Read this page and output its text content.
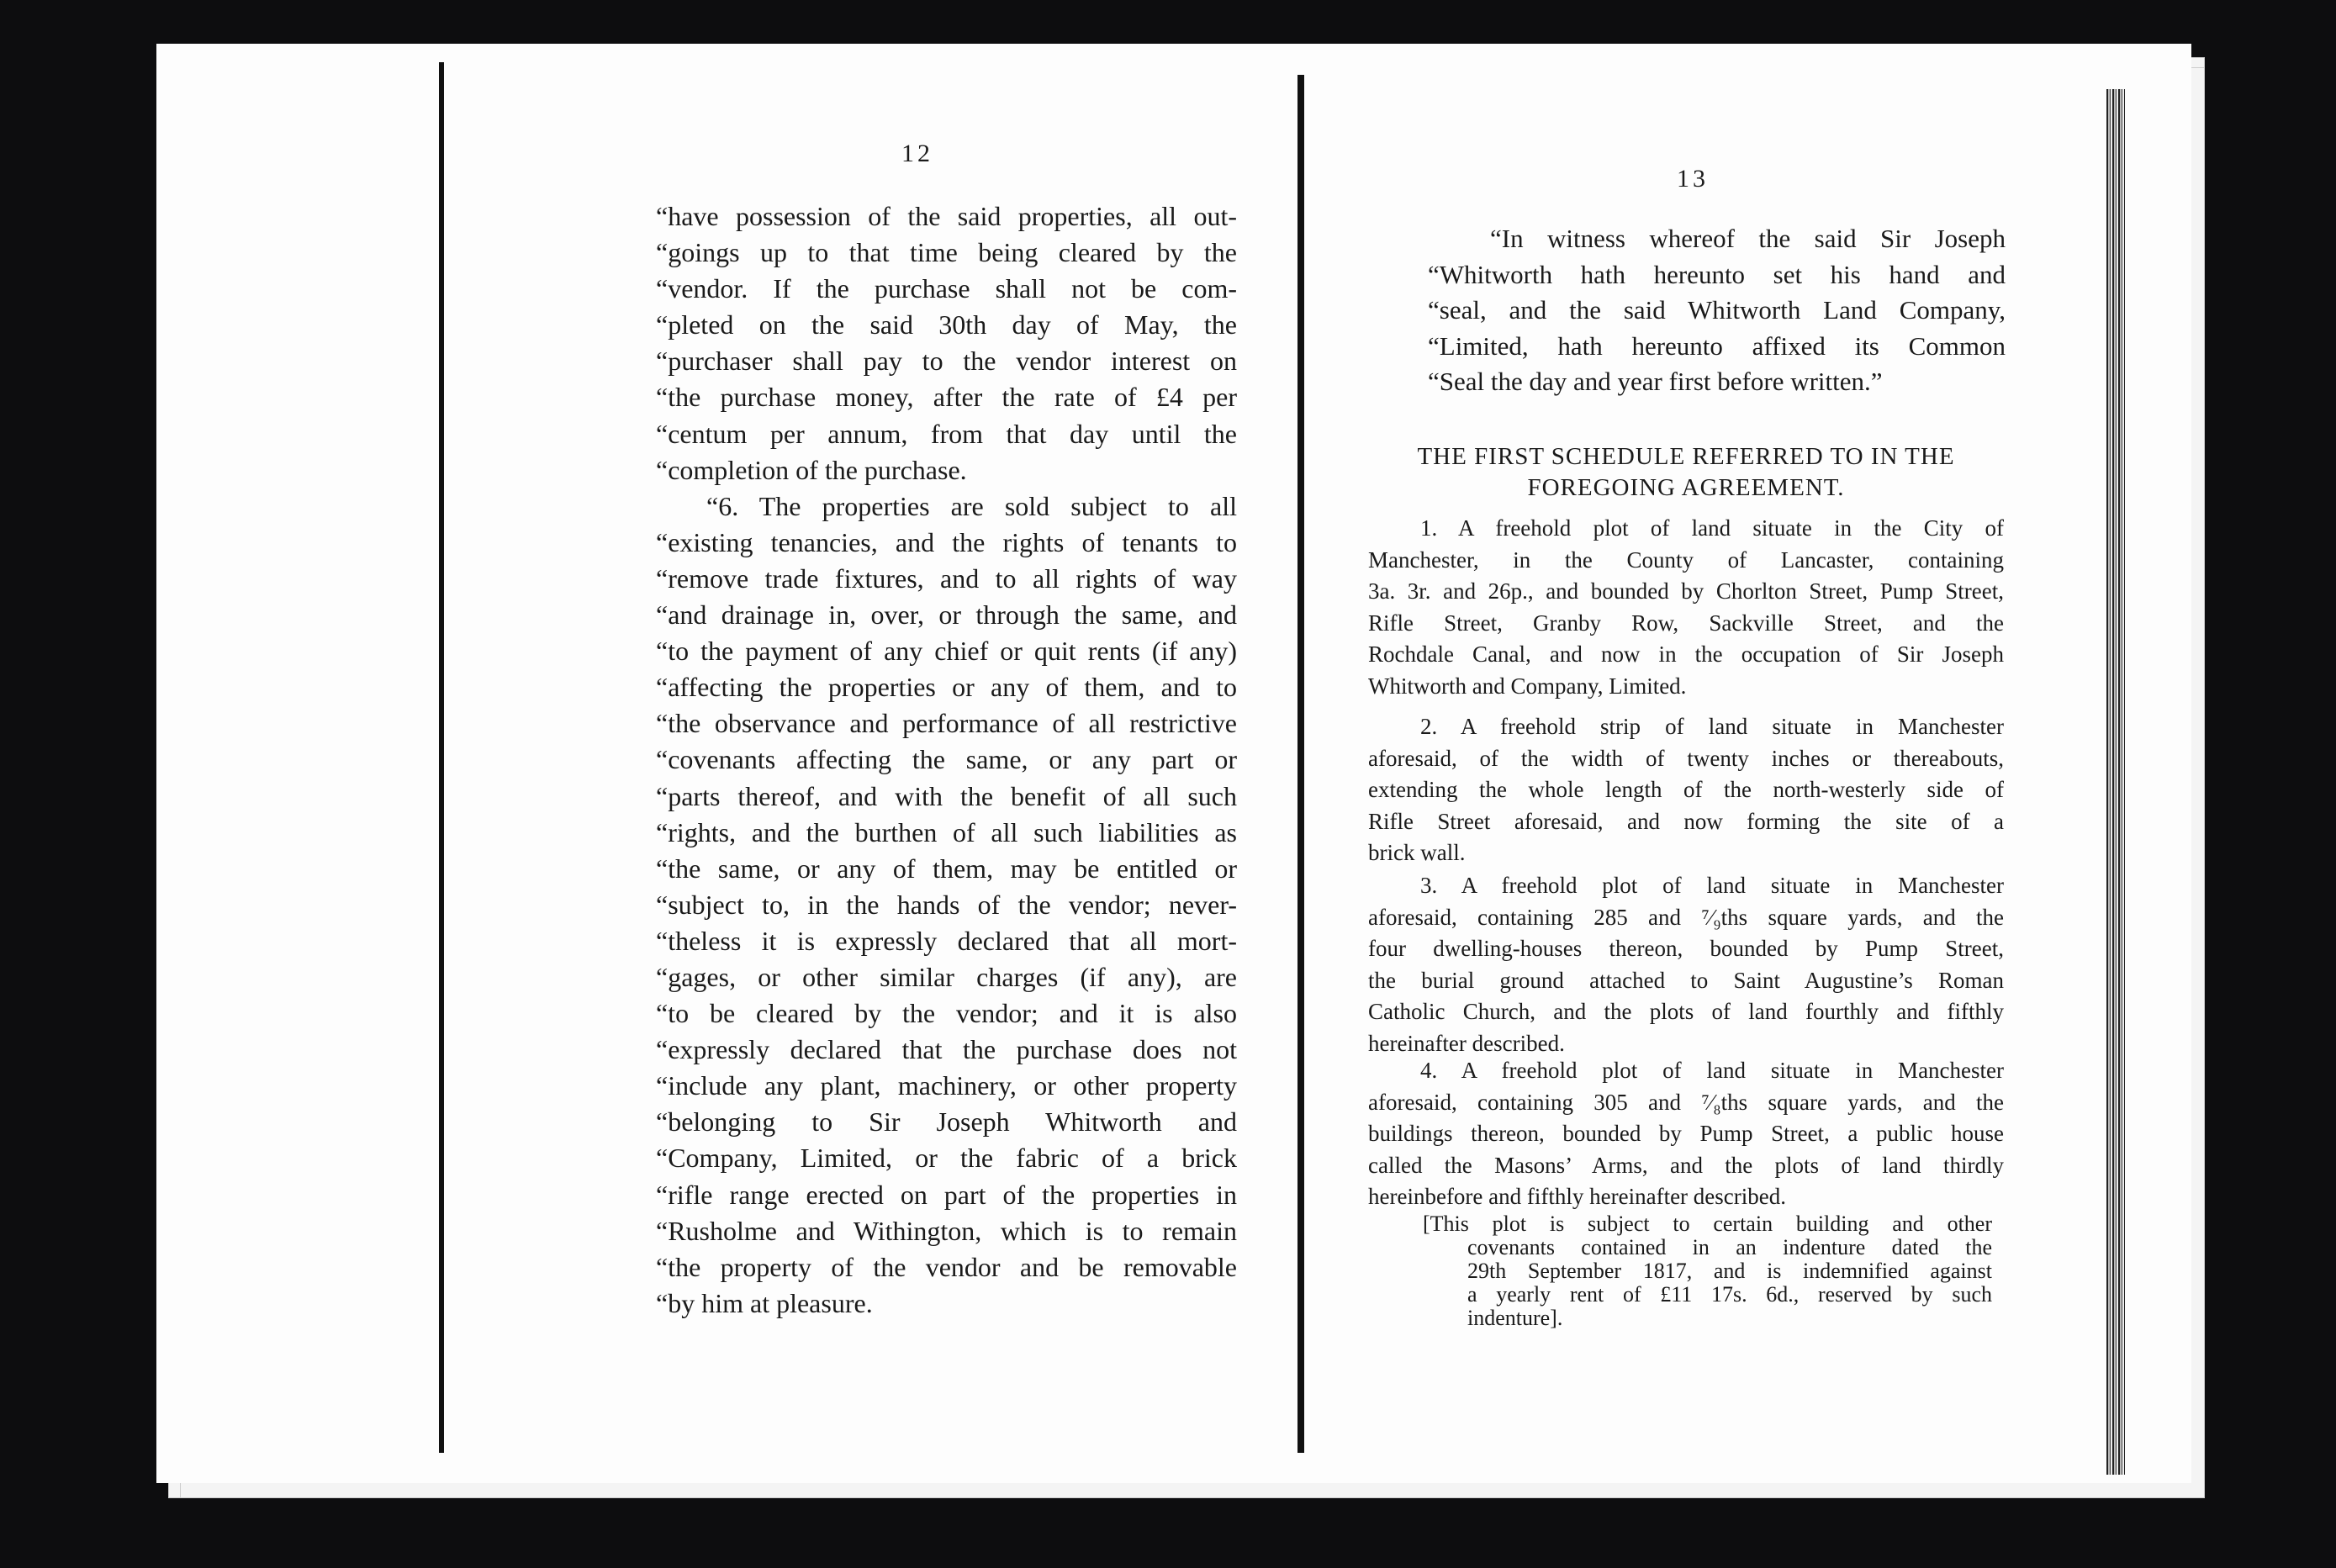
12
“have possession of the said properties, all out-
“goings up to that time being cleared by the
“vendor. If the purchase shall not be com-
“pleted on the said 30th day of May, the
“purchaser shall pay to the vendor interest on
“the purchase money, after the rate of £4 per
“centum per annum, from that day until the
“completion of the purchase.
“6. The properties are sold subject to all
“existing tenancies, and the rights of tenants to
“remove trade fixtures, and to all rights of way
“and drainage in, over, or through the same, and
“to the payment of any chief or quit rents (if any)
“affecting the properties or any of them, and to
“the observance and performance of all restrictive
“covenants affecting the same, or any part or
“parts thereof, and with the benefit of all such
“rights, and the burthen of all such liabilities as
“the same, or any of them, may be entitled or
“subject to, in the hands of the vendor; never-
“theless it is expressly declared that all mort-
“gages, or other similar charges (if any), are
“to be cleared by the vendor; and it is also
“expressly declared that the purchase does not
“include any plant, machinery, or other property
“belonging to Sir Joseph Whitworth and
“Company, Limited, or the fabric of a brick
“rifle range erected on part of the properties in
“Rusholme and Withington, which is to remain
“the property of the vendor and be removable
“by him at pleasure.
13
“In witness whereof the said Sir Joseph
“Whitworth hath hereunto set his hand and
“seal, and the said Whitworth Land Company,
“Limited, hath hereunto affixed its Common
“Seal the day and year first before written.”
THE FIRST SCHEDULE REFERRED TO IN THE
FOREGOING AGREEMENT.
1. A freehold plot of land situate in the City of
Manchester, in the County of Lancaster, containing
3a. 3r. and 26p., and bounded by Chorlton Street, Pump Street,
Rifle Street, Granby Row, Sackville Street, and the
Rochdale Canal, and now in the occupation of Sir Joseph
Whitworth and Company, Limited.
2. A freehold strip of land situate in Manchester
aforesaid, of the width of twenty inches or thereabouts,
extending the whole length of the north-westerly side of
Rifle Street aforesaid, and now forming the site of a
brick wall.
3. A freehold plot of land situate in Manchester
aforesaid, containing 285 and ⁷⁄₉ths square yards, and the
four dwelling-houses thereon, bounded by Pump Street,
the burial ground attached to Saint Augustine’s Roman
Catholic Church, and the plots of land fourthly and fifthly
hereinafter described.
4. A freehold plot of land situate in Manchester
aforesaid, containing 305 and ⁷⁄₈ths square yards, and the
buildings thereon, bounded by Pump Street, a public house
called the Masons’ Arms, and the plots of land thirdly
hereinbefore and fifthly hereinafter described.
[This plot is subject to certain building and other
covenants contained in an indenture dated the
29th September 1817, and is indemnified against
a yearly rent of £11 17s. 6d., reserved by such
indenture].
